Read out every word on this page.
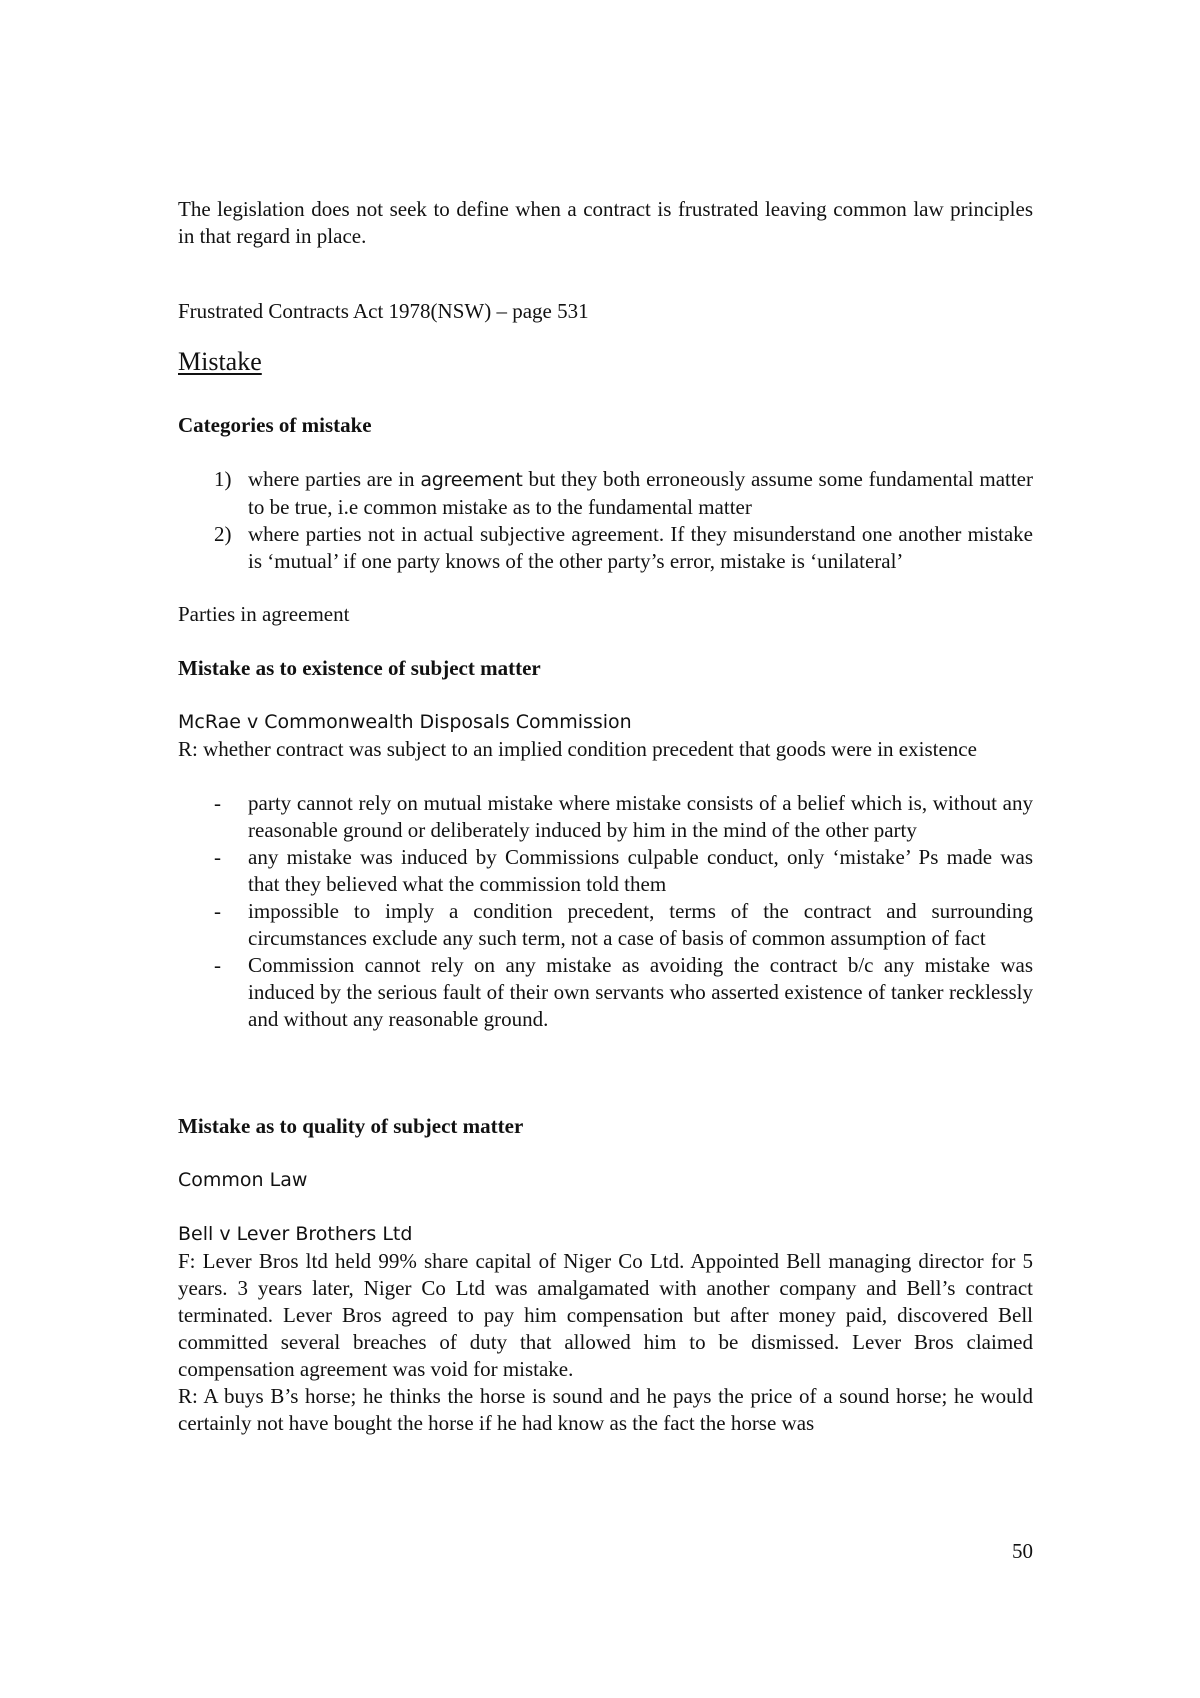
The legislation does not seek to define when a contract is frustrated leaving common law principles in that regard in place.

Frustrated Contracts Act 1978(NSW) – page 531

Mistake

Categories of mistake

1) where parties are in agreement but they both erroneously assume some fundamental matter to be true, i.e common mistake as to the fundamental matter
2) where parties not in actual subjective agreement. If they misunderstand one another mistake is ‘mutual’ if one party knows of the other party’s error, mistake is ‘unilateral’

Parties in agreement

Mistake as to existence of subject matter

McRae v Commonwealth Disposals Commission

R: whether contract was subject to an implied condition precedent that goods were in existence

- party cannot rely on mutual mistake where mistake consists of a belief which is, without any reasonable ground or deliberately induced by him in the mind of the other party
- any mistake was induced by Commissions culpable conduct, only ‘mistake’ Ps made was that they believed what the commission told them
- impossible to imply a condition precedent, terms of the contract and surrounding circumstances exclude any such term, not a case of basis of common assumption of fact
- Commission cannot rely on any mistake as avoiding the contract b/c any mistake was induced by the serious fault of their own servants who asserted existence of tanker recklessly and without any reasonable ground.

Mistake as to quality of subject matter

Common Law

Bell v Lever Brothers Ltd

F: Lever Bros ltd held 99% share capital of Niger Co Ltd. Appointed Bell managing director for 5 years. 3 years later, Niger Co Ltd was amalgamated with another company and Bell’s contract terminated. Lever Bros agreed to pay him compensation but after money paid, discovered Bell committed several breaches of duty that allowed him to be dismissed. Lever Bros claimed compensation agreement was void for mistake.

R: A buys B’s horse; he thinks the horse is sound and he pays the price of a sound horse; he would certainly not have bought the horse if he had know as the fact the horse was

50
